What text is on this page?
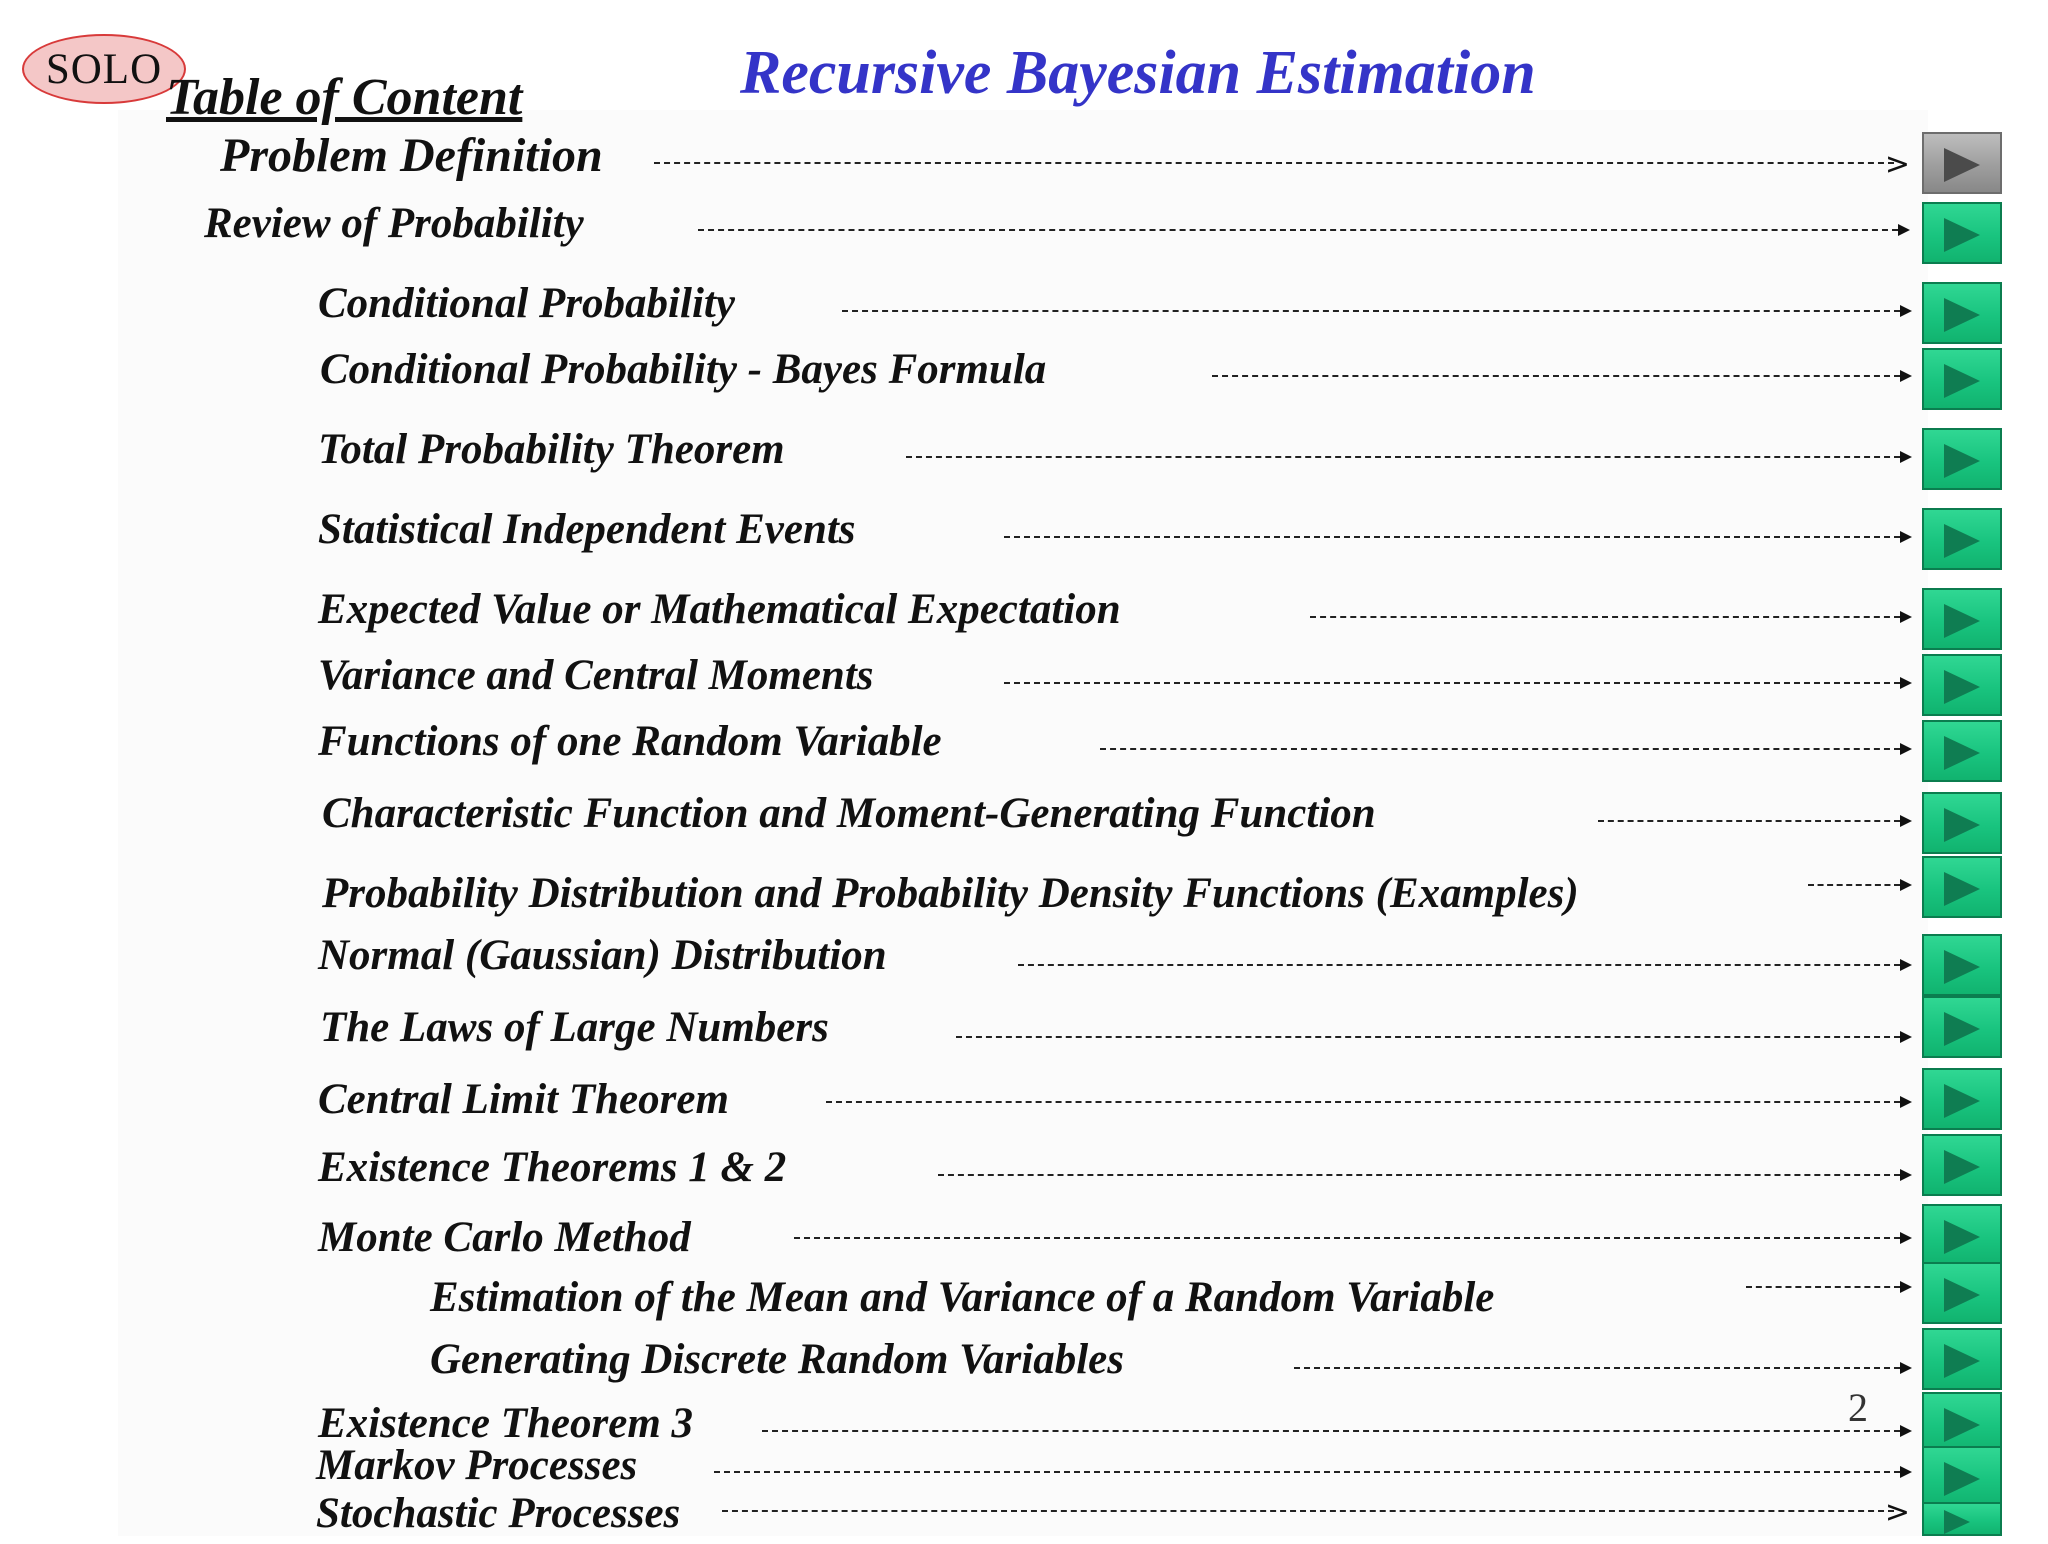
SOLO Table of Content	Recursive Bayesian Estimation
Problem Definition	>
Review of Probability
Conditional Probability
Conditional Probability - Bayes Formula
Total Probability Theorem
Statistical Independent Events
Expected Value or Mathematical Expectation
Variance and Central Moments
Functions of one Random Variable
Characteristic Function and Moment-Generating Function
Probability Distribution and Probability Density Functions (Examples)
Normal (Gaussian) Distribution
The Laws of Large Numbers
Central Limit Theorem
Existence Theorems 1 & 2
Monte Carlo Method
Estimation of the Mean and Variance of a Random Variable
Generating Discrete Random Variables
Existence Theorem 3
Markov Processes
Stochastic Processes	>
2
